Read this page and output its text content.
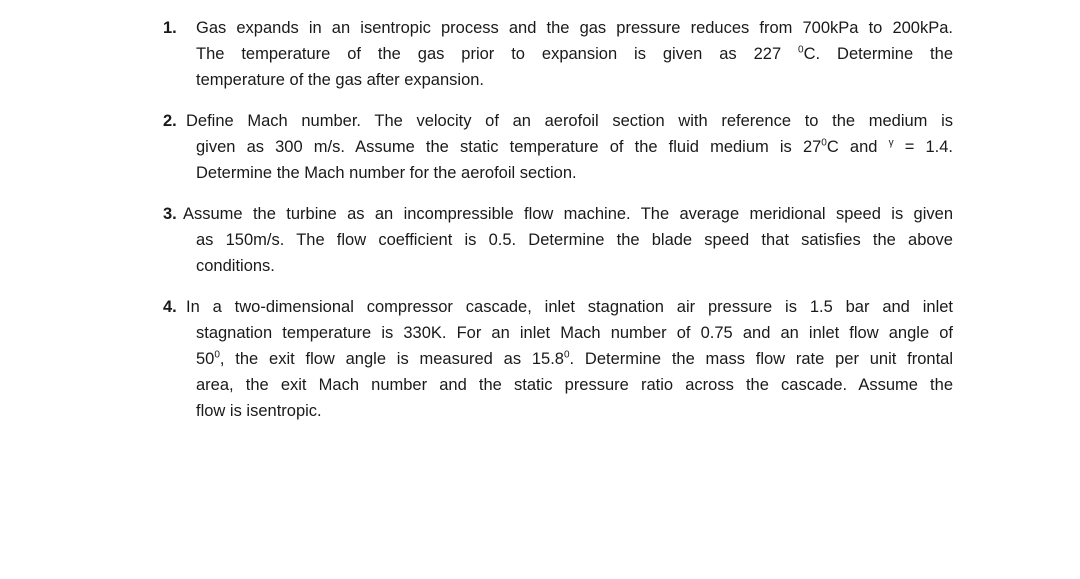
1. Gas expands in an isentropic process and the gas pressure reduces from 700kPa to 200kPa.
The temperature of the gas prior to expansion is given as 227 $^0$C. Determine the
temperature of the gas after expansion.
2. Define Mach number. The velocity of an aerofoil section with reference to the medium is
given as 300 m/s. Assume the static temperature of the fluid medium is $27^0C$ and $^\gamma$ = 1.4.
Determine the Mach number for the aerofoil section.
3. Assume the turbine as an incompressible flow machine. The average meridional speed is given
as 150m/s. The flow coefficient is 0.5. Determine the blade speed that satisfies the above
conditions.
4. In a two-dimensional compressor cascade, inlet stagnation air pressure is 1.5 bar and inlet
stagnation temperature is 330K. For an inlet Mach number of 0.75 and an inlet flow angle of
$50^0$, the exit flow angle is measured as 15.8$^0$. Determine the mass flow rate per unit frontal
area, the exit Mach number and the static pressure ratio across the cascade. Assume the
flow is isentropic.
